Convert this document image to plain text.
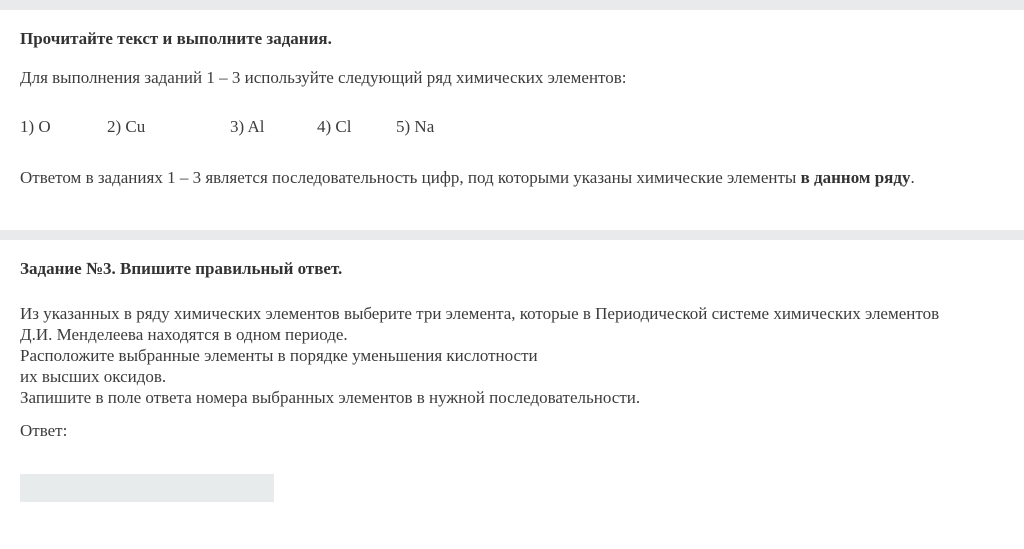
Прочитайте текст и выполните задания.
Для выполнения заданий 1 – 3 используйте следующий ряд химических элементов:
1) O	2) Cu	3) Al	4) Cl	5) Na
Ответом в заданиях 1 – 3 является последовательность цифр, под которыми указаны химические элементы в данном ряду.
Задание №3. Впишите правильный ответ.
Из указанных в ряду химических элементов выберите три элемента, которые в Периодической системе химических элементов
Д.И. Менделеева находятся в одном периоде.
Расположите выбранные элементы в порядке уменьшения кислотности
их высших оксидов.
Запишите в поле ответа номера выбранных элементов в нужной последовательности.
Ответ:
